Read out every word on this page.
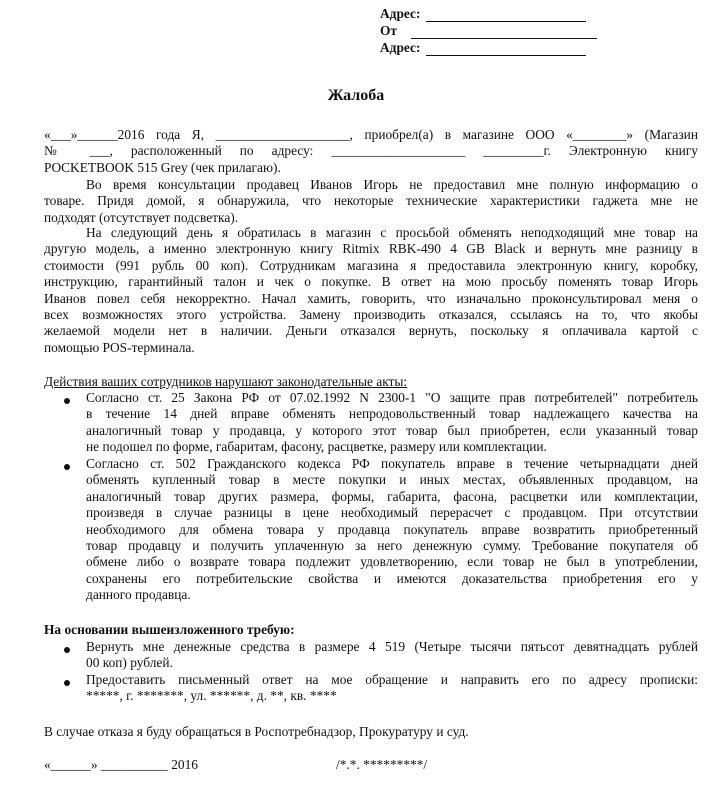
Адрес:
От
Адрес:
Жалоба
«___»______2016 года Я, ____________________, приобрел(а) в магазине ООО «________» (Магазин
№ ___, расположенный по адресу: ____________________ _________г. Электронную книгу
POCKETBOOK 515 Grey (чек прилагаю).
Во время консультации продавец Иванов Игорь не предоставил мне полную информацию о
товаре. Придя домой, я обнаружила, что некоторые технические характеристики гаджета мне не
подходят (отсутствует подсветка).
На следующий день я обратилась в магазин с просьбой обменять неподходящий мне товар на
другую модель, а именно электронную книгу Ritmix RBK-490 4 GB Black и вернуть мне разницу в
стоимости (991 рубль 00 коп). Сотрудникам магазина я предоставила электронную книгу, коробку,
инструкцию, гарантийный талон и чек о покупке. В ответ на мою просьбу поменять товар Игорь
Иванов повел себя некорректно. Начал хамить, говорить, что изначально проконсультировал меня о
всех возможностях этого устройства. Замену производить отказался, ссылаясь на то, что якобы
желаемой модели нет в наличии. Деньги отказался вернуть, поскольку я оплачивала картой с
помощью POS-терминала.
Действия ваших сотрудников нарушают законодательные акты:
Согласно ст. 25 Закона РФ от 07.02.1992 N 2300-1 "О защите прав потребителей" потребитель
в течение 14 дней вправе обменять непродовольственный товар надлежащего качества на
аналогичный товар у продавца, у которого этот товар был приобретен, если указанный товар
не подошел по форме, габаритам, фасону, расцветке, размеру или комплектации.
Согласно ст. 502 Гражданского кодекса РФ покупатель вправе в течение четырнадцати дней
обменять купленный товар в месте покупки и иных местах, объявленных продавцом, на
аналогичный товар других размера, формы, габарита, фасона, расцветки или комплектации,
произведя в случае разницы в цене необходимый перерасчет с продавцом. При отсутствии
необходимого для обмена товара у продавца покупатель вправе возвратить приобретенный
товар продавцу и получить уплаченную за него денежную сумму. Требование покупателя об
обмене либо о возврате товара подлежит удовлетворению, если товар не был в употреблении,
сохранены его потребительские свойства и имеются доказательства приобретения его у
данного продавца.
На основании вышеизложенного требую:
Вернуть мне денежные средства в размере 4 519 (Четыре тысячи пятьсот девятнадцать рублей
00 коп) рублей.
Предоставить письменный ответ на мое обращение и направить его по адресу прописки:
*****, г. *******, ул. ******, д. **, кв. ****
В случае отказа я буду обращаться в Роспотребнадзор, Прокуратуру и суд.
«______» __________ 2016	/*.*. *********/
